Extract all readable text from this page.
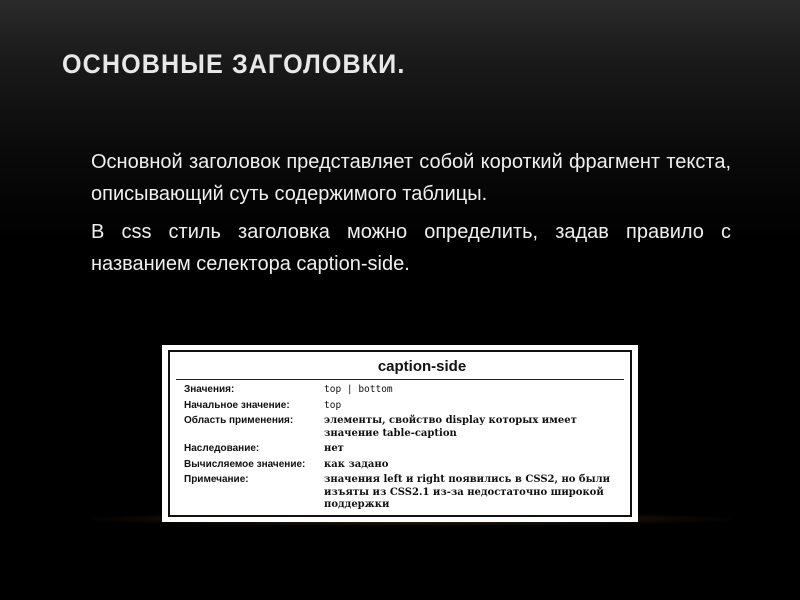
ОСНОВНЫЕ ЗАГОЛОВКИ.

Основной заголовок представляет собой короткий фрагмент текста, описывающий суть содержимого таблицы.

В css стиль заголовка можно определить, задав правило с названием селектора caption-side.

caption-side
Значения:	top | bottom
Начальное значение:	top
Область применения:	элементы, свойство display которых имеет значение table-caption
Наследование:	нет
Вычисляемое значение:	как задано
Примечание:	значения left и right появились в CSS2, но были изъяты из CSS2.1 из-за недостаточно широкой поддержки
